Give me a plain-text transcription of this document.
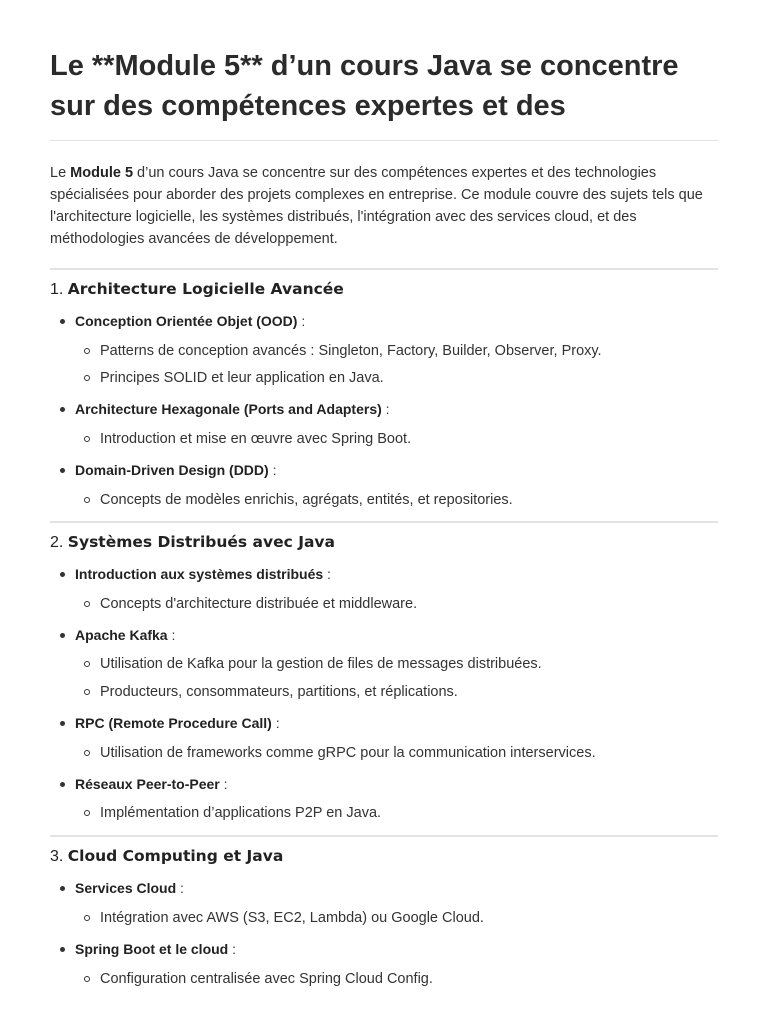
Le **Module 5** d’un cours Java se concentre sur des compétences expertes et des

Le Module 5 d’un cours Java se concentre sur des compétences expertes et des technologies spécialisées pour aborder des projets complexes en entreprise. Ce module couvre des sujets tels que l'architecture logicielle, les systèmes distribués, l'intégration avec des services cloud, et des méthodologies avancées de développement.

1. Architecture Logicielle Avancée
Conception Orientée Objet (OOD) :
Patterns de conception avancés : Singleton, Factory, Builder, Observer, Proxy.
Principes SOLID et leur application en Java.
Architecture Hexagonale (Ports and Adapters) :
Introduction et mise en œuvre avec Spring Boot.
Domain-Driven Design (DDD) :
Concepts de modèles enrichis, agrégats, entités, et repositories.
2. Systèmes Distribués avec Java
Introduction aux systèmes distribués :
Concepts d'architecture distribuée et middleware.
Apache Kafka :
Utilisation de Kafka pour la gestion de files de messages distribuées.
Producteurs, consommateurs, partitions, et réplications.
RPC (Remote Procedure Call) :
Utilisation de frameworks comme gRPC pour la communication interservices.
Réseaux Peer-to-Peer :
Implémentation d’applications P2P en Java.
3. Cloud Computing et Java
Services Cloud :
Intégration avec AWS (S3, EC2, Lambda) ou Google Cloud.
Spring Boot et le cloud :
Configuration centralisée avec Spring Cloud Config.
